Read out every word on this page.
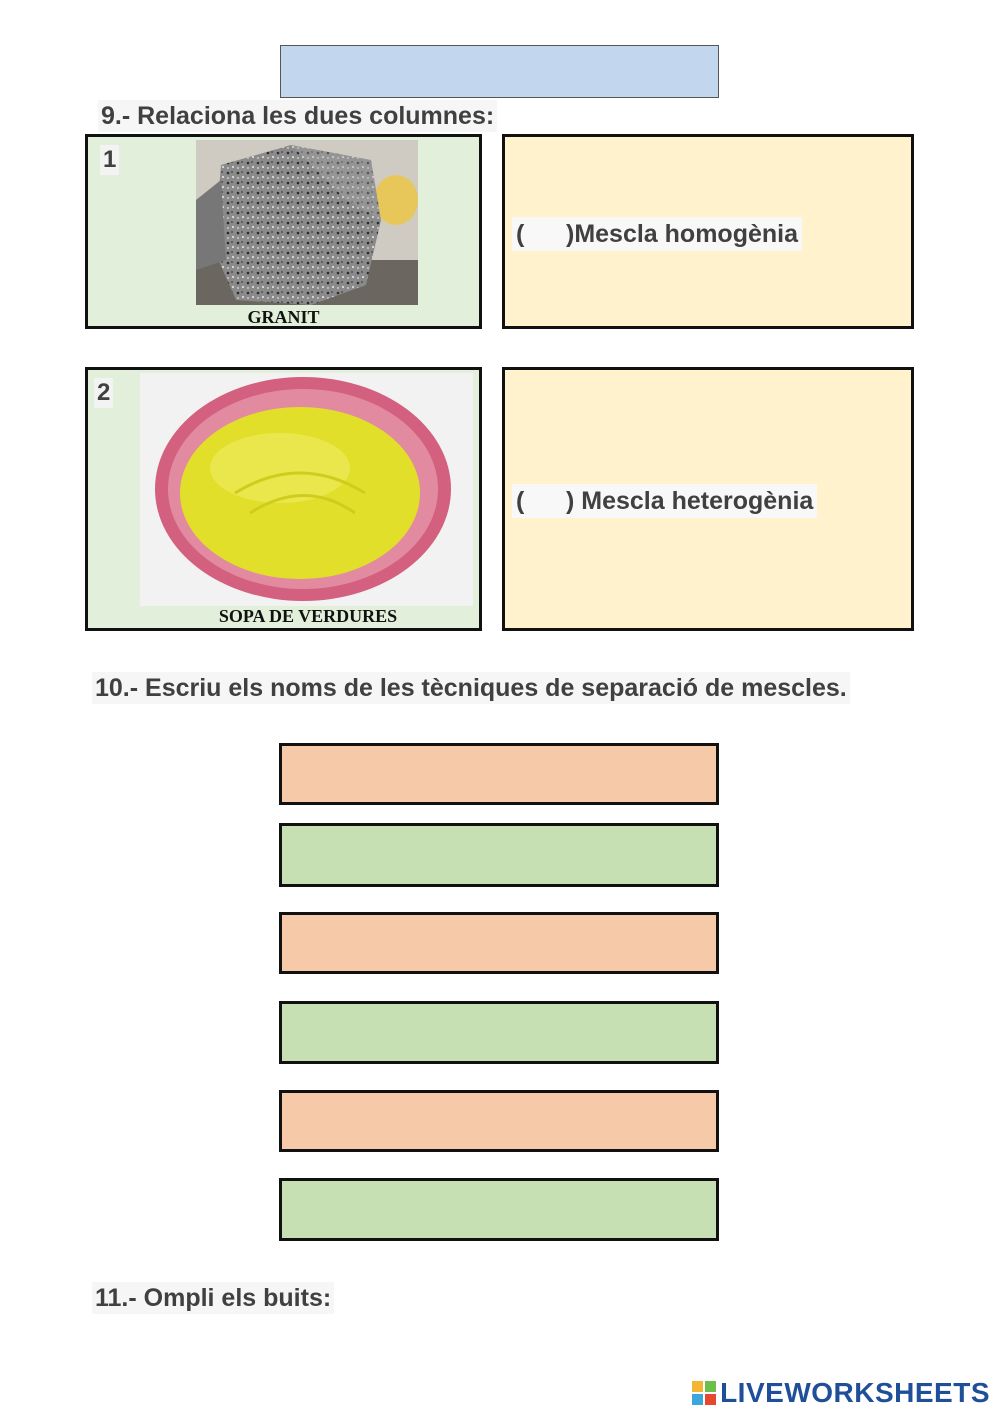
9.- Relaciona les dues columnes:
1
GRANIT
(      )Mescla homogènia
2
SOPA DE VERDURES
(      ) Mescla heterogènia
10.- Escriu els noms de les tècniques de separació de mescles.
11.- Ompli els buits:
LIVEWORKSHEETS
